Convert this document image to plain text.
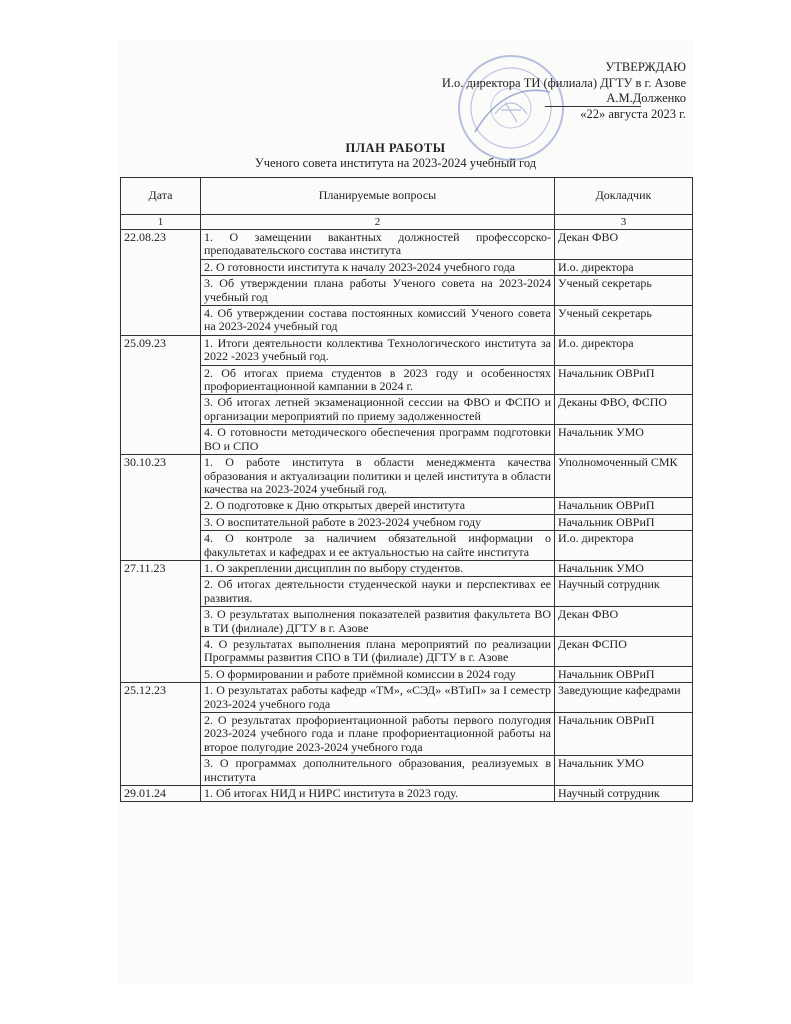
УТВЕРЖДАЮ
И.о. директора ТИ (филиала) ДГТУ в г. Азове
А.М.Долженко
«22» августа 2023 г.
ПЛАН РАБОТЫ
Ученого совета института на 2023-2024 учебный год
Дата	Планируемые вопросы	Докладчик
1	2	3
22.08.23	1. О замещении вакантных должностей профессорско-преподавательского состава института	Декан ФВО
	2. О готовности института к началу 2023-2024 учебного года	И.о. директора
	3. Об утверждении плана работы Ученого совета на 2023-2024 учебный год	Ученый секретарь
	4. Об утверждении состава постоянных комиссий Ученого совета на 2023-2024 учебный год	Ученый секретарь
25.09.23	1. Итоги деятельности коллектива Технологического института за 2022 -2023 учебный год.	И.о. директора
	2. Об итогах приема студентов в 2023 году и особенностях профориентационной кампании в 2024 г.	Начальник ОВРиП
	3. Об итогах летней экзаменационной сессии на ФВО и ФСПО и организации мероприятий по приему задолженностей	Деканы ФВО, ФСПО
	4. О готовности методического обеспечения программ подготовки ВО и СПО	Начальник УМО
30.10.23	1. О работе института в области менеджмента качества образования и актуализации политики и целей института в области качества на 2023-2024 учебный год.	Уполномоченный СМК
	2. О подготовке к Дню открытых дверей института	Начальник ОВРиП
	3. О воспитательной работе в 2023-2024 учебном году	Начальник ОВРиП
	4. О контроле за наличием обязательной информации о факультетах и кафедрах и ее актуальностью на сайте института	И.о. директора
27.11.23	1. О закреплении дисциплин по выбору студентов.	Начальник УМО
	2. Об итогах деятельности студенческой науки и перспективах ее развития.	Научный сотрудник
	3. О результатах выполнения показателей развития факультета ВО в ТИ (филиале) ДГТУ в г. Азове	Декан ФВО
	4. О результатах выполнения плана мероприятий по реализации Программы развития СПО в ТИ (филиале) ДГТУ в г. Азове	Декан ФСПО
	5. О формировании и работе приёмной комиссии в 2024 году	Начальник ОВРиП
25.12.23	1. О результатах работы кафедр «ТМ», «СЭД» «ВТиП» за I семестр 2023-2024 учебного года	Заведующие кафедрами
	2. О результатах профориентационной работы первого полугодия 2023-2024 учебного года и плане профориентационной работы на второе полугодие 2023-2024 учебного года	Начальник ОВРиП
	3. О программах дополнительного образования, реализуемых в института	Начальник УМО
29.01.24	1. Об итогах НИД и НИРС института в 2023 году.	Научный сотрудник
